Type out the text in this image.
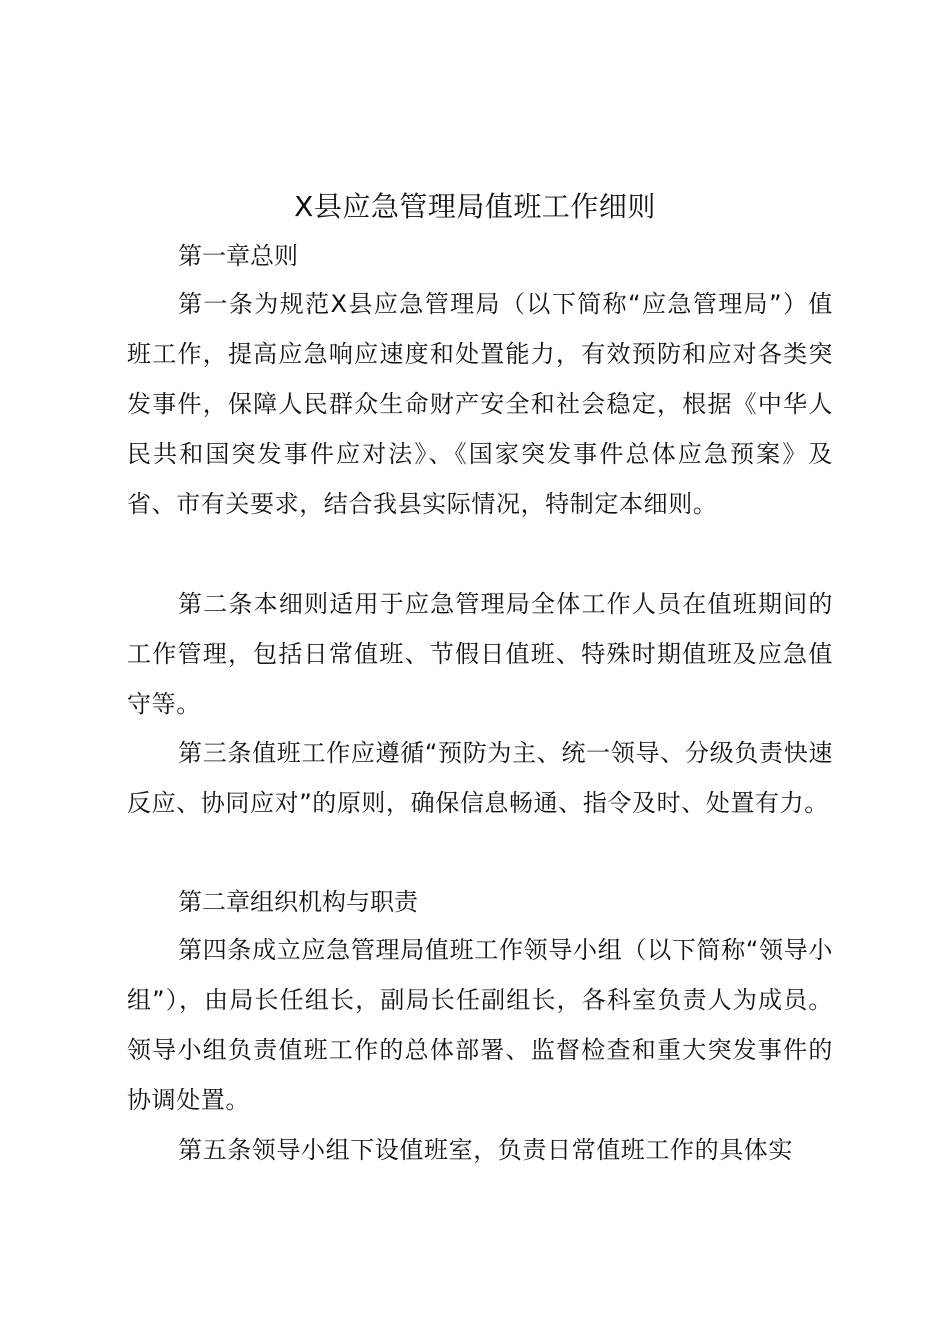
X县应急管理局值班工作细则

第一章总则

第一条为规范X县应急管理局（以下简称“应急管理局”）值班工作，提高应急响应速度和处置能力，有效预防和应对各类突发事件，保障人民群众生命财产安全和社会稳定，根据《中华人民共和国突发事件应对法》、《国家突发事件总体应急预案》及省、市有关要求，结合我县实际情况，特制定本细则。

第二条本细则适用于应急管理局全体工作人员在值班期间的工作管理，包括日常值班、节假日值班、特殊时期值班及应急值守等。

第三条值班工作应遵循“预防为主、统一领导、分级负责快速反应、协同应对”的原则，确保信息畅通、指令及时、处置有力。

第二章组织机构与职责

第四条成立应急管理局值班工作领导小组（以下简称“领导小组”），由局长任组长，副局长任副组长，各科室负责人为成员。领导小组负责值班工作的总体部署、监督检查和重大突发事件的协调处置。

第五条领导小组下设值班室，负责日常值班工作的具体实
